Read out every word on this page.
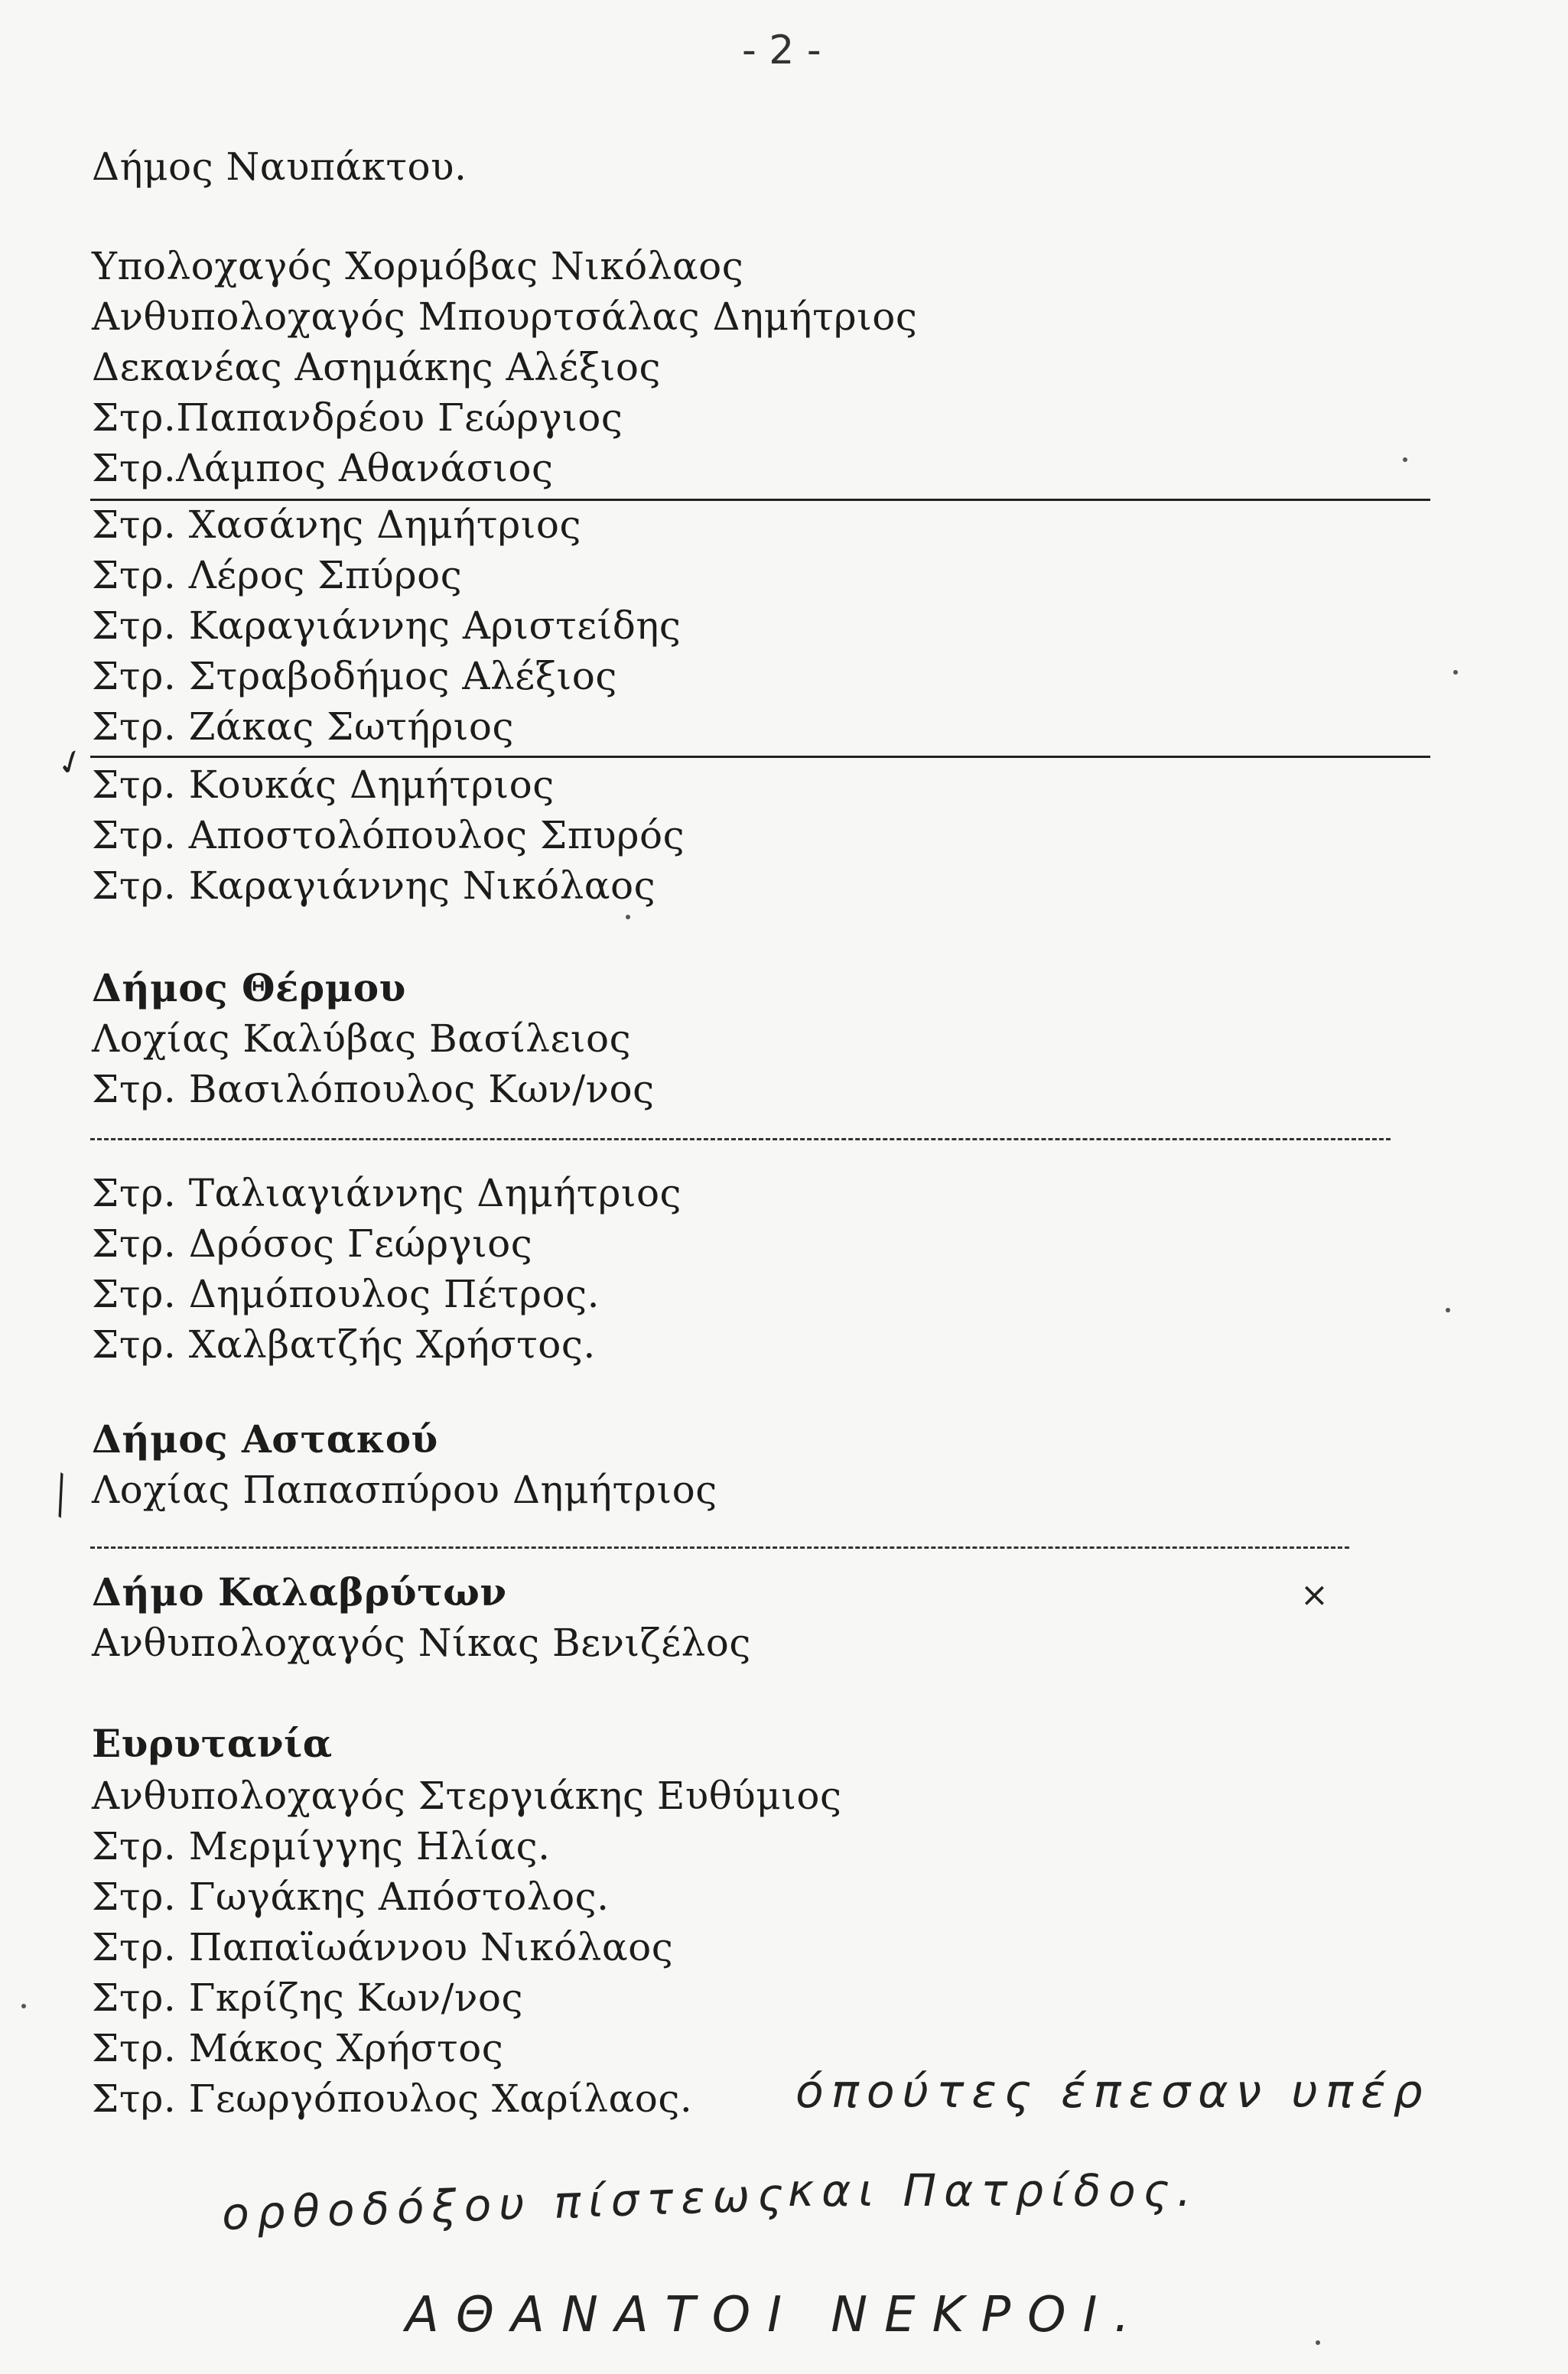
- 2 -
Δήμος Ναυπάκτου.
Υπολοχαγός Χορμόβας Νικόλαος
Ανθυπολοχαγός Μπουρτσάλας Δημήτριος
Δεκανέας Ασημάκης Αλέξιος
Στρ.Παπανδρέου Γεώργιος
Στρ.Λάμπος Αθανάσιος
Στρ. Χασάνης Δημήτριος
Στρ. Λέρος Σπύρος
Στρ. Καραγιάννης Αριστείδης
Στρ. Στραβοδήμος Αλέξιος
Στρ. Ζάκας Σωτήριος
✓ Στρ. Κουκάς Δημήτριος
Στρ. Αποστολόπουλος Σπυρός
Στρ. Καραγιάννης Νικόλαος
Δήμος Θέρμου
Λοχίας Καλύβας Βασίλειος
Στρ. Βασιλόπουλος Κων/νος
Στρ. Ταλιαγιάννης Δημήτριος
Στρ. Δρόσος Γεώργιος
Στρ. Δημόπουλος Πέτρος.
Στρ. Χαλβατζής Χρήστος.
Δήμος Αστακού
╲ Λοχίας Παπασπύρου Δημήτριος
Δήμο Καλαβρύτων	⨯
Ανθυπολοχαγός Νίκας Βενιζέλος
Ευρυτανία
Ανθυπολοχαγός Στεργιάκης Ευθύμιος
Στρ. Μερμίγγης Ηλίας.
Στρ. Γωγάκης Απόστολος.
Στρ. Παπαϊωάννου Νικόλαος
Στρ. Γκρίζης Κων/νος
Στρ. Μάκος Χρήστος
Στρ. Γεωργόπουλος Χαρίλαος. όπούτες έπεσαν υπέρ
ορθοδόξου πίστεως
και Πατρίδος.
ΑΘΑΝΑΤΟΙ ΝΕΚΡΟΙ.
